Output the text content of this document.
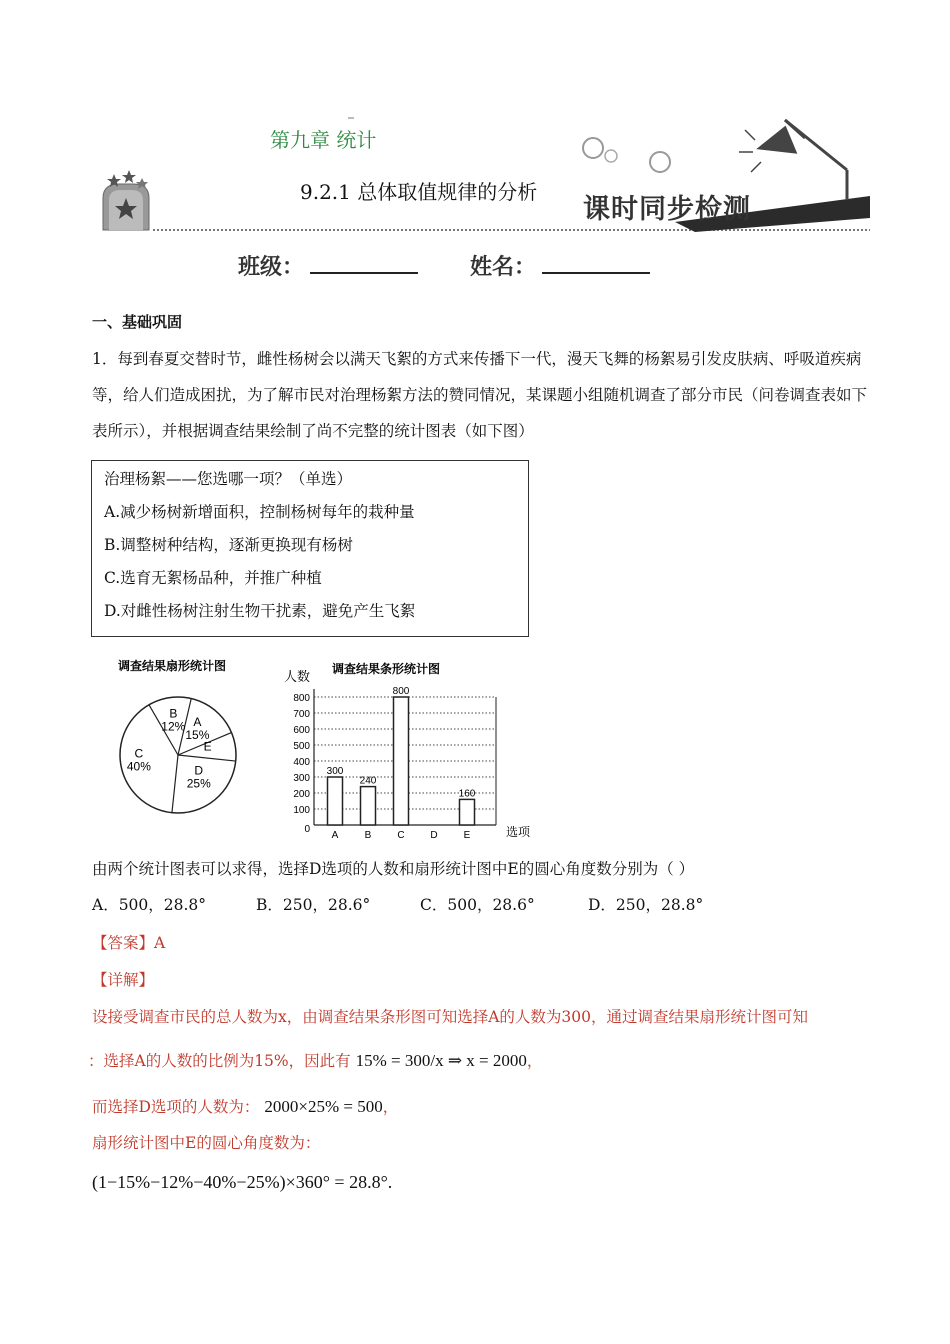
第九章 统计
9.2.1 总体取值规律的分析
课时同步检测
班级：	姓名：
一、基础巩固
1．每到春夏交替时节，雌性杨树会以满天飞絮的方式来传播下一代，漫天飞舞的杨絮易引发皮肤病、呼吸道疾病等，给人们造成困扰，为了解市民对治理杨絮方法的赞同情况，某课题小组随机调查了部分市民（问卷调查表如下表所示），并根据调查结果绘制了尚不完整的统计图表（如下图）
治理杨絮——您选哪一项？（单选）
A.减少杨树新增面积，控制杨树每年的栽种量
B.调整树种结构，逐渐更换现有杨树
C.选育无絮杨品种，并推广种植
D.对雌性杨树注射生物干扰素，避免产生飞絮
调查结果扇形统计图
B 12% A 15%
E
D 25%
C 40%
调查结果条形统计图
人数
选项
300
240
800
160
0
100
200
300
400
500
600
700
800
A	B	C	D	E
由两个统计图表可以求得，选择D选项的人数和扇形统计图中E的圆心角度数分别为（ ）
A．500，28.8°	B．250，28.6°	C．500，28.6°	D．250，28.8°
【答案】A
【详解】
设接受调查市民的总人数为x，由调查结果条形图可知选择A的人数为300，通过调查结果扇形统计图可知
：选择A的人数的比例为15%，因此有 15% = 300/x ⇒ x = 2000，
而选择D选项的人数为： 2000×25% = 500，
扇形统计图中E的圆心角度数为：
(1−15%−12%−40%−25%)×360° = 28.8°.
